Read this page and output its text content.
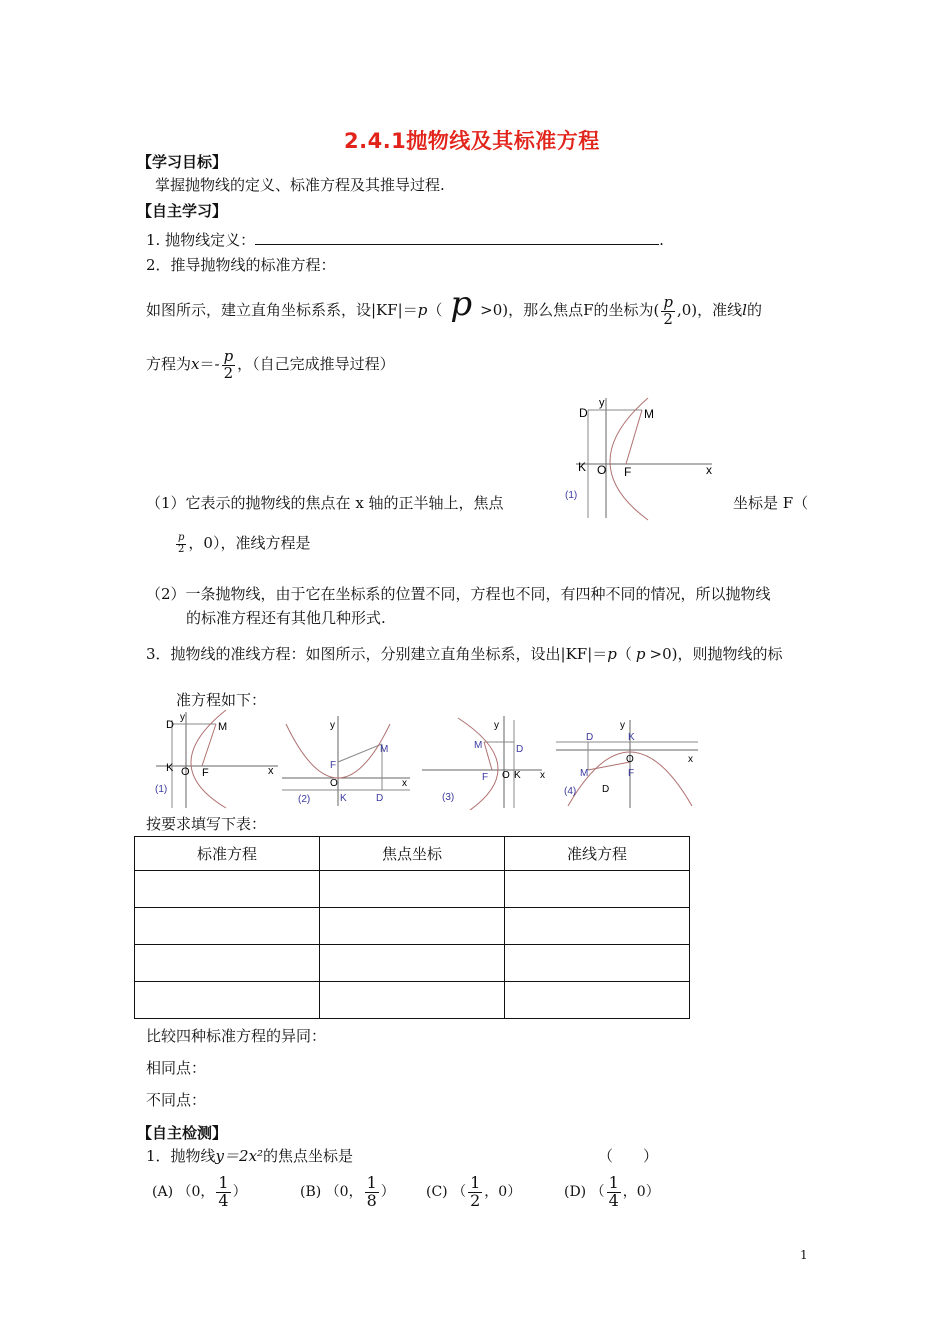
2.4.1抛物线及其标准方程
【学习目标】
掌握抛物线的定义、标准方程及其推导过程.
【自主学习】
1. 抛物线定义：	.
2．推导抛物线的标准方程：
如图所示，建立直角坐标系系，设|KF|＝p（ p >0)，那么焦点F的坐标为( $\frac{p}{2} ,0$)，准线l的
方程为$x=- \frac{p}{2}$ ，（自己完成推导过程）
y
D	M
K O F	x
(1)
（1）它表示的抛物线的焦点在 x 轴的正半轴上，焦点	坐标是 F（
$\frac{p}{2}$ ，0），准线方程是
（2）一条抛物线，由于它在坐标系的位置不同，方程也不同，有四种不同的情况，所以抛物线
的标准方程还有其他几种形式.
3．抛物线的准线方程：如图所示，分别建立直角坐标系，设出|KF|＝p（ p >0)，则抛物线的标
准方程如下：
y
D	M
K O F	x
(1)
y
M
F
O	x
K	D
(2)
y
M	D
F O K x
(3)
y
D	K
O	x
M	F
D
(4)
按要求填写下表：
标准方程	焦点坐标	准线方程

比较四种标准方程的异同：
相同点：
不同点：
【自主检测】
1．抛物线y＝2x²的焦点坐标是	（　　）
(A) （0， $\frac{1}{4}$ ）	(B) （0， $\frac{1}{8}$ ） (C) （ $\frac{1}{2}$ ，0）	(D) （ $\frac{1}{4}$ ，0）
1
